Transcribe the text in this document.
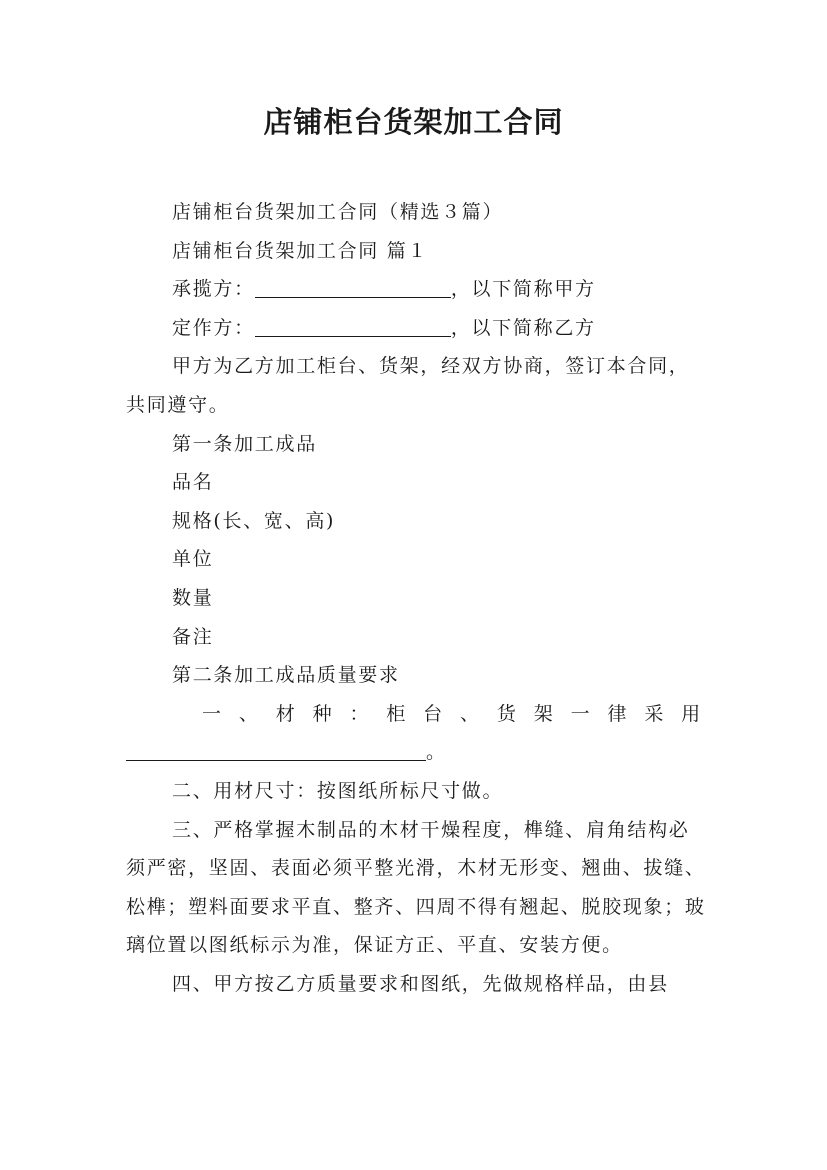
店铺柜台货架加工合同

店铺柜台货架加工合同（精选３篇）

店铺柜台货架加工合同 篇１

承揽方：	，以下简称甲方

定作方：	，以下简称乙方

甲方为乙方加工柜台、货架，经双方协商，签订本合同，共同遵守。

第一条加工成品

品名

规格(长、宽、高)

单位

数量

备注

第二条加工成品质量要求

一 、 材 种 ： 柜 台 、 货 架 一 律 采 用
。

二、用材尺寸：按图纸所标尺寸做。

三、严格掌握木制品的木材干燥程度，榫缝、肩角结构必须严密，坚固、表面必须平整光滑，木材无形变、翘曲、拔缝、松榫；塑料面要求平直、整齐、四周不得有翘起、脱胶现象；玻璃位置以图纸标示为准，保证方正、平直、安装方便。

四、甲方按乙方质量要求和图纸，先做规格样品，由县
